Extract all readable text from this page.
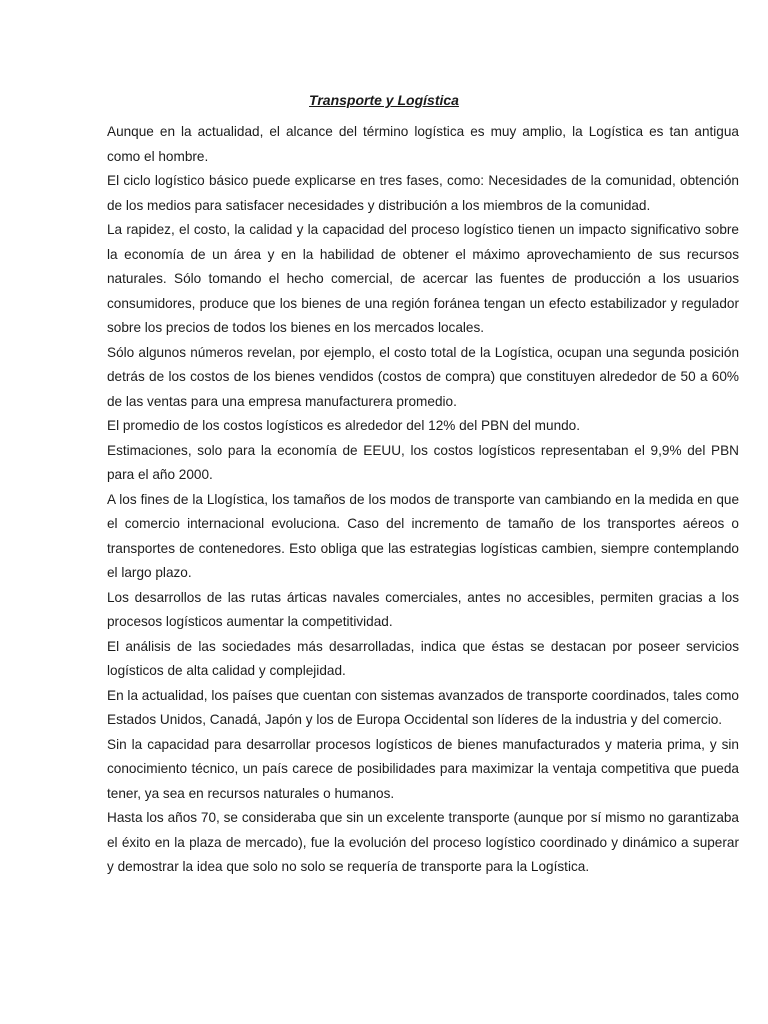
Transporte y Logística

Aunque en la actualidad, el alcance del término logística es muy amplio, la Logística es tan antigua como el hombre.

El ciclo logístico básico puede explicarse en tres fases, como: Necesidades de la comunidad, obtención de los medios para satisfacer necesidades y distribución a los miembros de la comunidad.

La rapidez, el costo, la calidad y la capacidad del proceso logístico tienen un impacto significativo sobre la economía de un área y en la habilidad de obtener el máximo aprovechamiento de sus recursos naturales. Sólo tomando el hecho comercial, de acercar las fuentes de producción a los usuarios consumidores, produce que los bienes de una región foránea tengan un efecto estabilizador y regulador sobre los precios de todos los bienes en los mercados locales.

Sólo algunos números revelan, por ejemplo, el costo total de la Logística, ocupan una segunda posición detrás de los costos de los bienes vendidos (costos de compra) que constituyen alrededor de 50 a 60% de las ventas para una empresa manufacturera promedio.

El promedio de los costos logísticos es alrededor del 12% del PBN del mundo.

Estimaciones, solo para la economía de EEUU, los costos logísticos representaban el 9,9% del PBN para el año 2000.

A los fines de la Llogística, los tamaños de los modos de transporte van cambiando en la medida en que el comercio internacional evoluciona. Caso del incremento de tamaño de los transportes aéreos o transportes de contenedores. Esto obliga que las estrategias logísticas cambien, siempre contemplando el largo plazo.

Los desarrollos de las rutas árticas navales comerciales, antes no accesibles, permiten gracias a los procesos logísticos aumentar la competitividad.

El análisis de las sociedades más desarrolladas, indica que éstas se destacan por poseer servicios logísticos de alta calidad y complejidad.

En la actualidad, los países que cuentan con sistemas avanzados de transporte coordinados, tales como Estados Unidos, Canadá, Japón y los de Europa Occidental son líderes de la industria y del comercio.

Sin la capacidad para desarrollar procesos logísticos de bienes manufacturados y materia prima, y sin conocimiento técnico, un país carece de posibilidades para maximizar la ventaja competitiva que pueda tener, ya sea en recursos naturales o humanos.

Hasta los años 70, se consideraba que sin un excelente transporte (aunque por sí mismo no garantizaba el éxito en la plaza de mercado), fue la evolución del proceso logístico coordinado y dinámico a superar y demostrar la idea que solo no solo se requería de transporte para la Logística.
